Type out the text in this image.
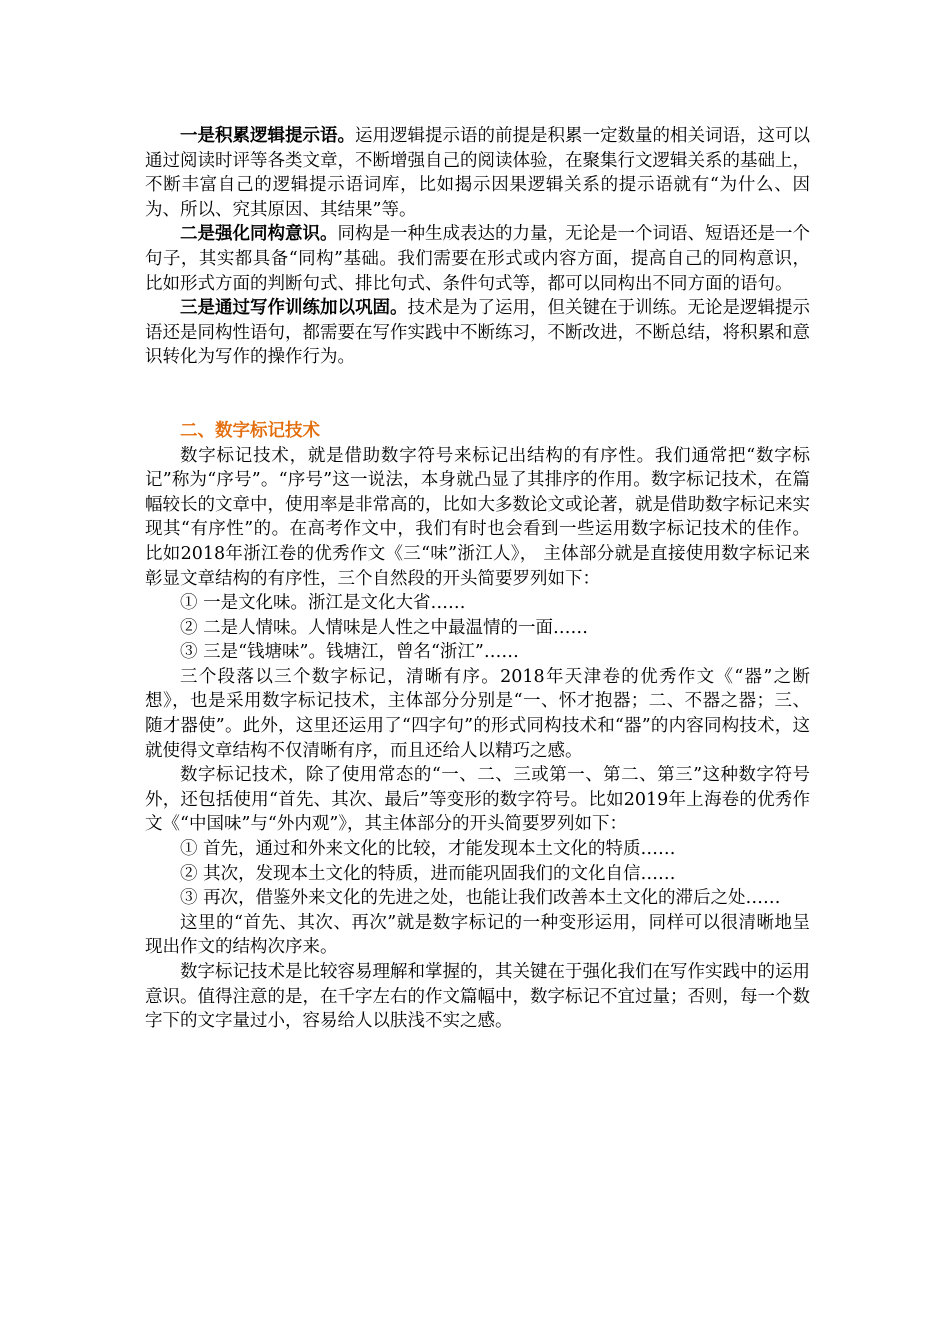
一是积累逻辑提示语。运用逻辑提示语的前提是积累一定数量的相关词语，这可以通过阅读时评等各类文章，不断增强自己的阅读体验，在聚集行文逻辑关系的基础上，不断丰富自己的逻辑提示语词库，比如揭示因果逻辑关系的提示语就有“为什么、因为、所以、究其原因、其结果”等。

二是强化同构意识。同构是一种生成表达的力量，无论是一个词语、短语还是一个句子，其实都具备“同构”基础。我们需要在形式或内容方面，提高自己的同构意识，比如形式方面的判断句式、排比句式、条件句式等，都可以同构出不同方面的语句。

三是通过写作训练加以巩固。技术是为了运用，但关键在于训练。无论是逻辑提示语还是同构性语句，都需要在写作实践中不断练习，不断改进，不断总结，将积累和意识转化为写作的操作行为。

二、数字标记技术

数字标记技术，就是借助数字符号来标记出结构的有序性。我们通常把“数字标记”称为“序号”。“序号”这一说法，本身就凸显了其排序的作用。数字标记技术，在篇幅较长的文章中，使用率是非常高的，比如大多数论文或论著，就是借助数字标记来实现其“有序性”的。在高考作文中，我们有时也会看到一些运用数字标记技术的佳作。比如2018年浙江卷的优秀作文《三“味”浙江人》， 主体部分就是直接使用数字标记来彰显文章结构的有序性，三个自然段的开头简要罗列如下：

① 一是文化味。浙江是文化大省……

② 二是人情味。人情味是人性之中最温情的一面……

③ 三是“钱塘味”。钱塘江，曾名“浙江”……

三个段落以三个数字标记，清晰有序。2018年天津卷的优秀作文《“器”之断想》，也是采用数字标记技术，主体部分分别是“一、怀才抱器；二、不器之器；三、随才器使”。此外，这里还运用了“四字句”的形式同构技术和“器”的内容同构技术，这就使得文章结构不仅清晰有序，而且还给人以精巧之感。

数字标记技术，除了使用常态的“一、二、三或第一、第二、第三”这种数字符号外，还包括使用“首先、其次、最后”等变形的数字符号。比如2019年上海卷的优秀作文《“中国味”与“外内观”》，其主体部分的开头简要罗列如下：

① 首先，通过和外来文化的比较，才能发现本土文化的特质……

② 其次，发现本土文化的特质，进而能巩固我们的文化自信……

③ 再次，借鉴外来文化的先进之处，也能让我们改善本土文化的滞后之处……

这里的“首先、其次、再次”就是数字标记的一种变形运用，同样可以很清晰地呈现出作文的结构次序来。

数字标记技术是比较容易理解和掌握的，其关键在于强化我们在写作实践中的运用意识。值得注意的是，在千字左右的作文篇幅中，数字标记不宜过量；否则，每一个数字下的文字量过小，容易给人以肤浅不实之感。
